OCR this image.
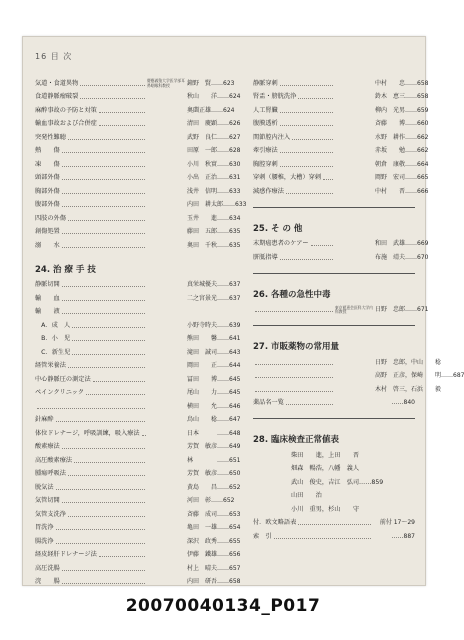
16 目 次
気道・食道異物	慶應義塾大学医学部耳鼻咽喉科教授	鐘野　賢……623
食道静脈瘤破裂	秋山　　洋……624
麻酔事故の予防と対策	奥薗正雄……624
輸血事故および合併症	清田　慶顕……626
突発性難聴	武野　良仁……627
熱　　傷	田原　一郎……628
凍　　傷	小川　秋實……630
頭部外傷	小出　正治……631
胸部外傷	浅井　信明……633
腹部外傷	内田　耕太郎……633
四肢の外傷	玉井　　進……634
創傷処置	藤田　五郎……635
溺　　水	奥田　千秋……635
24. 治 療 手 技
静脈切開	真栄城優夫……637
輸　　血	二之宮景光……637
輸　　液
　A．成　人	小野寺時夫……639
　B．小　児	熊田　　馨……641
　C．新生児	滝田　誠司……643
経管栄養法	岡田　　正……644
中心静脈圧の測定法	冨田　　博……645
ペインクリニック	尾山　　力……645
横田　　允……646
針麻酔	鳥山　　稔……647
体位ドレナージ，呼吸訓練，吸入療法	日本　　　……648
酸素療法	芳賀　敏彦……649
高圧酸素療法	林　　　　……651
腫瘍呼吸法	芳賀　敏彦……650
脱気法	黄島　　昌……652
気管切開	河田　彰……652
気管支洗浄	斉藤　成司……653
胃洗浄	亀田　一雄……654
腸洗浄	深沢　政秀……655
経皮経肝ドレナージ法	伊藤　鐵雄……656
高圧洗腸	村上　晴夫……657
浣　　腸	内田　研吾……658
静脈穿刺	中村　　忠……658
腎盂・膀胱洗浄	鈴木　恵三……658
人工腎臓	柳内　光男……659
腹膜透析	斉藤　　博……660
関節腔内注入	水野　耕作……662
牽引療法	赤坂　　勉……662
胸腔穿刺	朝倉　康敬……664
穿刺（腰椎，大槽）穿刺	岡野　宏司……665
減感作療法	中村　　晋……666
25. そ の 他
末期癌患者のケアー	和田　武雄……669
胼胝指導	布施　靖夫……670
26. 各種の急性中毒
東京慈恵会医科大学内科教授	日野　忠郎……671
27. 市販薬物の常用量
日野　忠郎，中山　　稔
高野　正彦，保崎　　明……687
木村　啓三，石浜　　毅
薬品名一覧	……840
28. 臨床検査正常値表
柴田　　進，上田　　晋
畑森　暢浩，八幡　義人
武山　俊史，吉江　弘司……859
山田　　治
小川　重男，杉山　　守
付．欧文略語表	前付 17～29
索　引	……887
20070040134_P017
